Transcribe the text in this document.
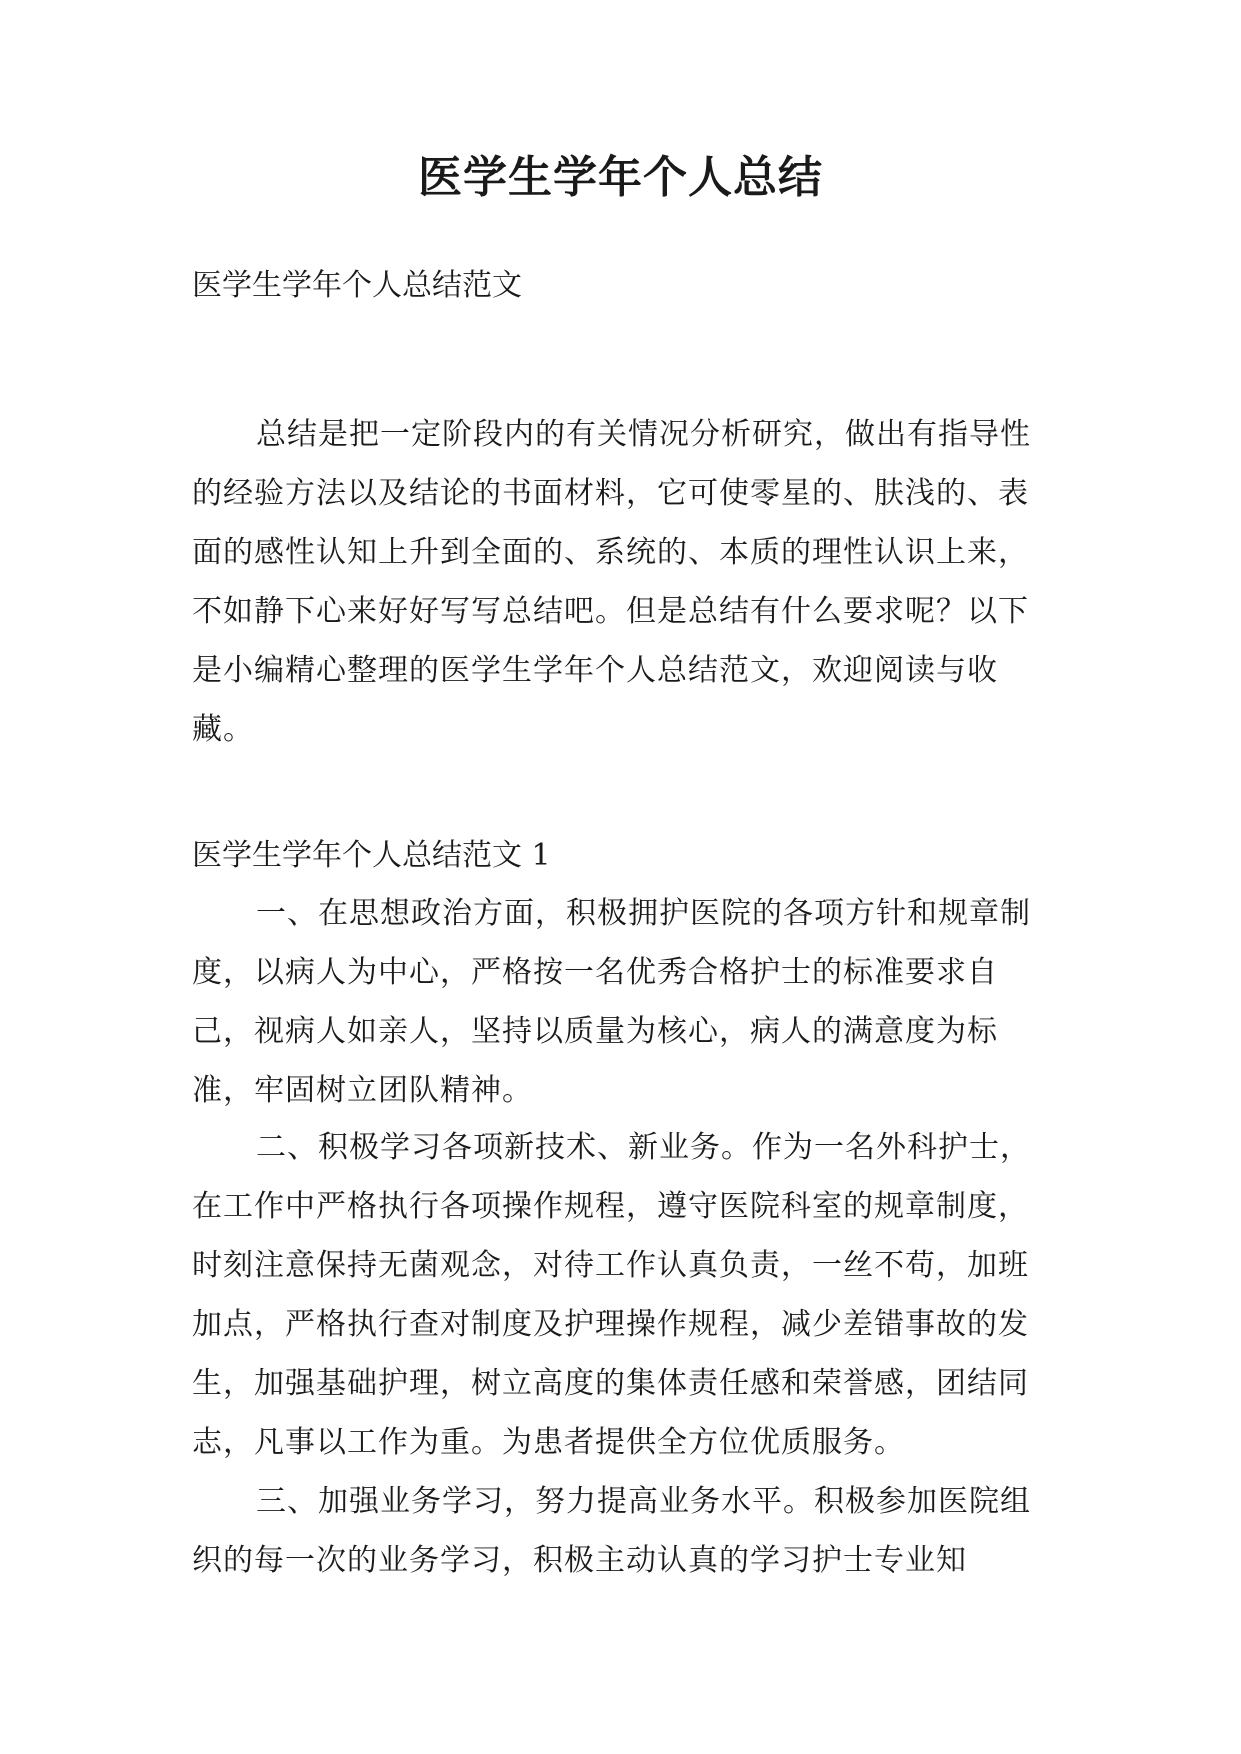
医学生学年个人总结

医学生学年个人总结范文

总结是把一定阶段内的有关情况分析研究，做出有指导性的经验方法以及结论的书面材料，它可使零星的、肤浅的、表面的感性认知上升到全面的、系统的、本质的理性认识上来，不如静下心来好好写写总结吧。但是总结有什么要求呢？以下是小编精心整理的医学生学年个人总结范文，欢迎阅读与收藏。

医学生学年个人总结范文 1

一、在思想政治方面，积极拥护医院的各项方针和规章制度，以病人为中心，严格按一名优秀合格护士的标准要求自己，视病人如亲人，坚持以质量为核心，病人的满意度为标准，牢固树立团队精神。

二、积极学习各项新技术、新业务。作为一名外科护士，在工作中严格执行各项操作规程，遵守医院科室的规章制度，时刻注意保持无菌观念，对待工作认真负责，一丝不苟，加班加点，严格执行查对制度及护理操作规程，减少差错事故的发生，加强基础护理，树立高度的集体责任感和荣誉感，团结同志，凡事以工作为重。为患者提供全方位优质服务。

三、加强业务学习，努力提高业务水平。积极参加医院组织的每一次的业务学习，积极主动认真的学习护士专业知
